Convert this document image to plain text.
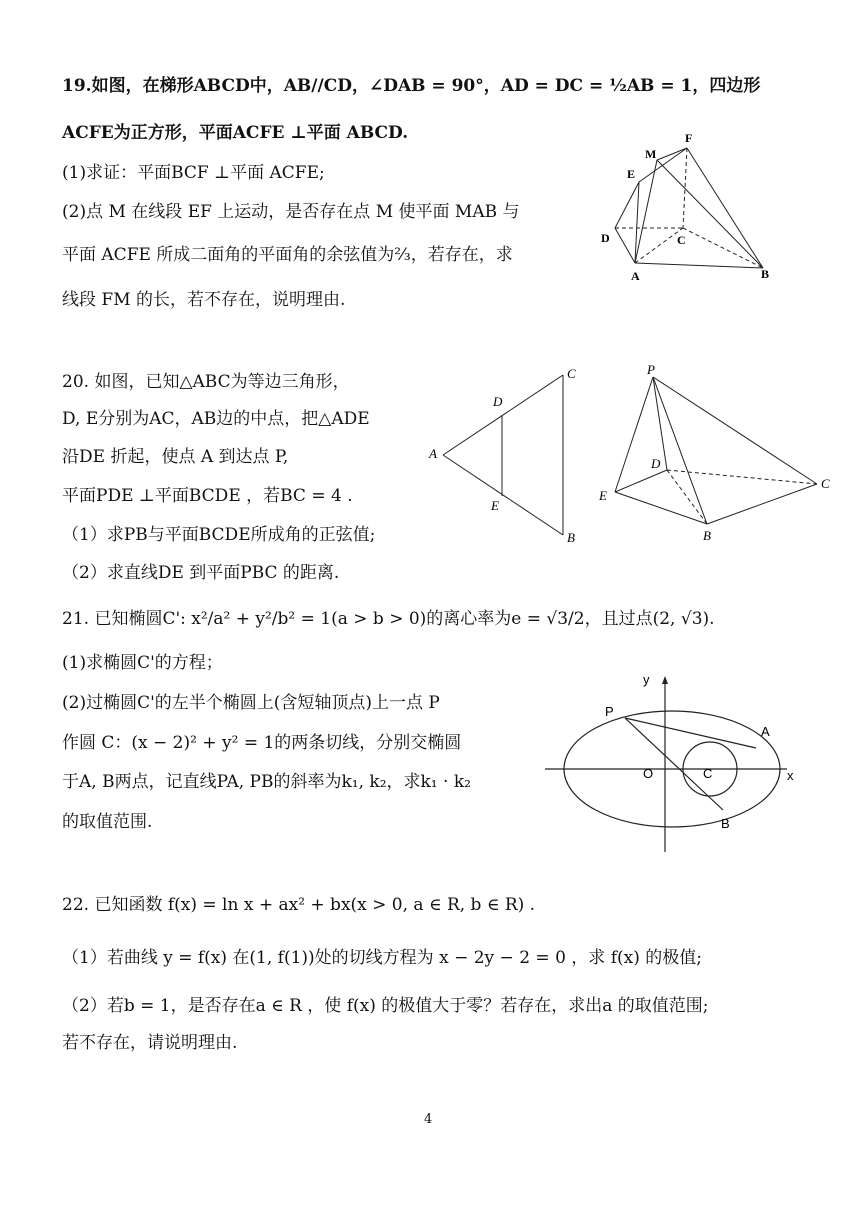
19.如图，在梯形ABCD中，AB//CD，∠DAB = 90°，AD = DC = ½AB = 1，四边形
ACFE为正方形，平面ACFE ⊥平面 ABCD.
(1)求证：平面BCF ⊥平面 ACFE;
(2)点 M 在线段 EF 上运动，是否存在点 M 使平面 MAB 与
平面 ACFE 所成二面角的平面角的余弦值为⅔，若存在，求
线段 FM 的长，若不存在，说明理由.
F
M
E
D	C
A	B
20. 如图，已知△ABC为等边三角形，
D, E分别为AC，AB边的中点，把△ADE
沿DE 折起，使点 A 到达点 P,
平面PDE ⊥平面BCDE ，若BC = 4 .
（1）求PB与平面BCDE所成角的正弦值;
（2）求直线DE 到平面PBC 的距离.
C
D
A
E
B
P
D
E
C
B
21. 已知椭圆C': x²/a² + y²/b² = 1(a > b > 0)的离心率为e = √3/2，且过点(2, √3).
(1)求椭圆C'的方程；
(2)过椭圆C'的左半个椭圆上(含短轴顶点)上一点 P
作圆 C：(x − 2)² + y² = 1的两条切线，分别交椭圆
于A, B两点，记直线PA, PB的斜率为k₁, k₂，求k₁ · k₂
的取值范围.
y
P
A
O	C	x
B
22. 已知函数 f(x) = ln x + ax² + bx(x > 0, a ∈ R, b ∈ R) .
（1）若曲线 y = f(x) 在(1, f(1))处的切线方程为 x − 2y − 2 = 0 ，求 f(x) 的极值;
（2）若b = 1，是否存在a ∈ R ，使 f(x) 的极值大于零？若存在，求出a 的取值范围;
若不存在，请说明理由.
4
